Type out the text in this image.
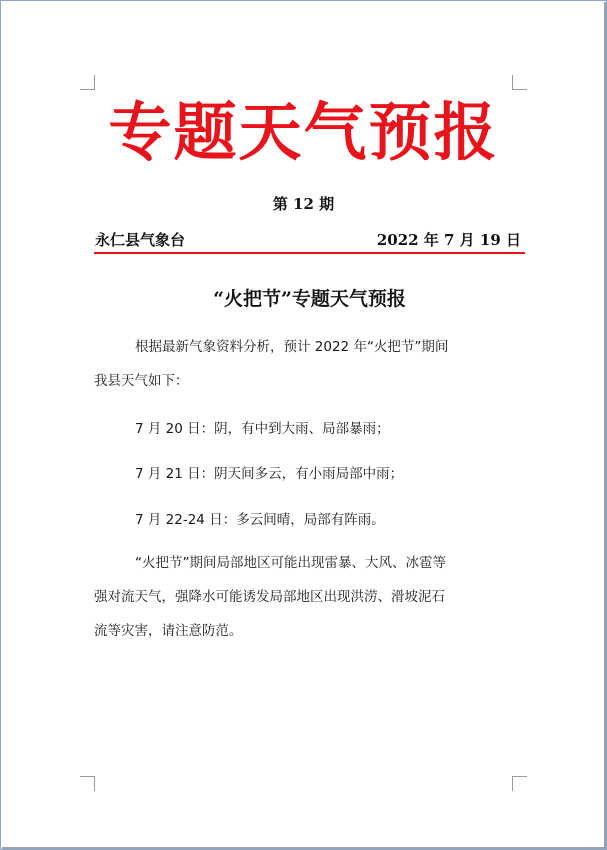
专题天气预报
第 12 期
永仁县气象台	2022 年 7 月 19 日
“火把节”专题天气预报
根据最新气象资料分析，预计 2022 年“火把节”期间
我县天气如下：
7 月 20 日：阴，有中到大雨、局部暴雨；
7 月 21 日：阴天间多云，有小雨局部中雨；
7 月 22-24 日：多云间晴，局部有阵雨。
“火把节”期间局部地区可能出现雷暴、大风、冰雹等
强对流天气，强降水可能诱发局部地区出现洪涝、滑坡泥石
流等灾害，请注意防范。
